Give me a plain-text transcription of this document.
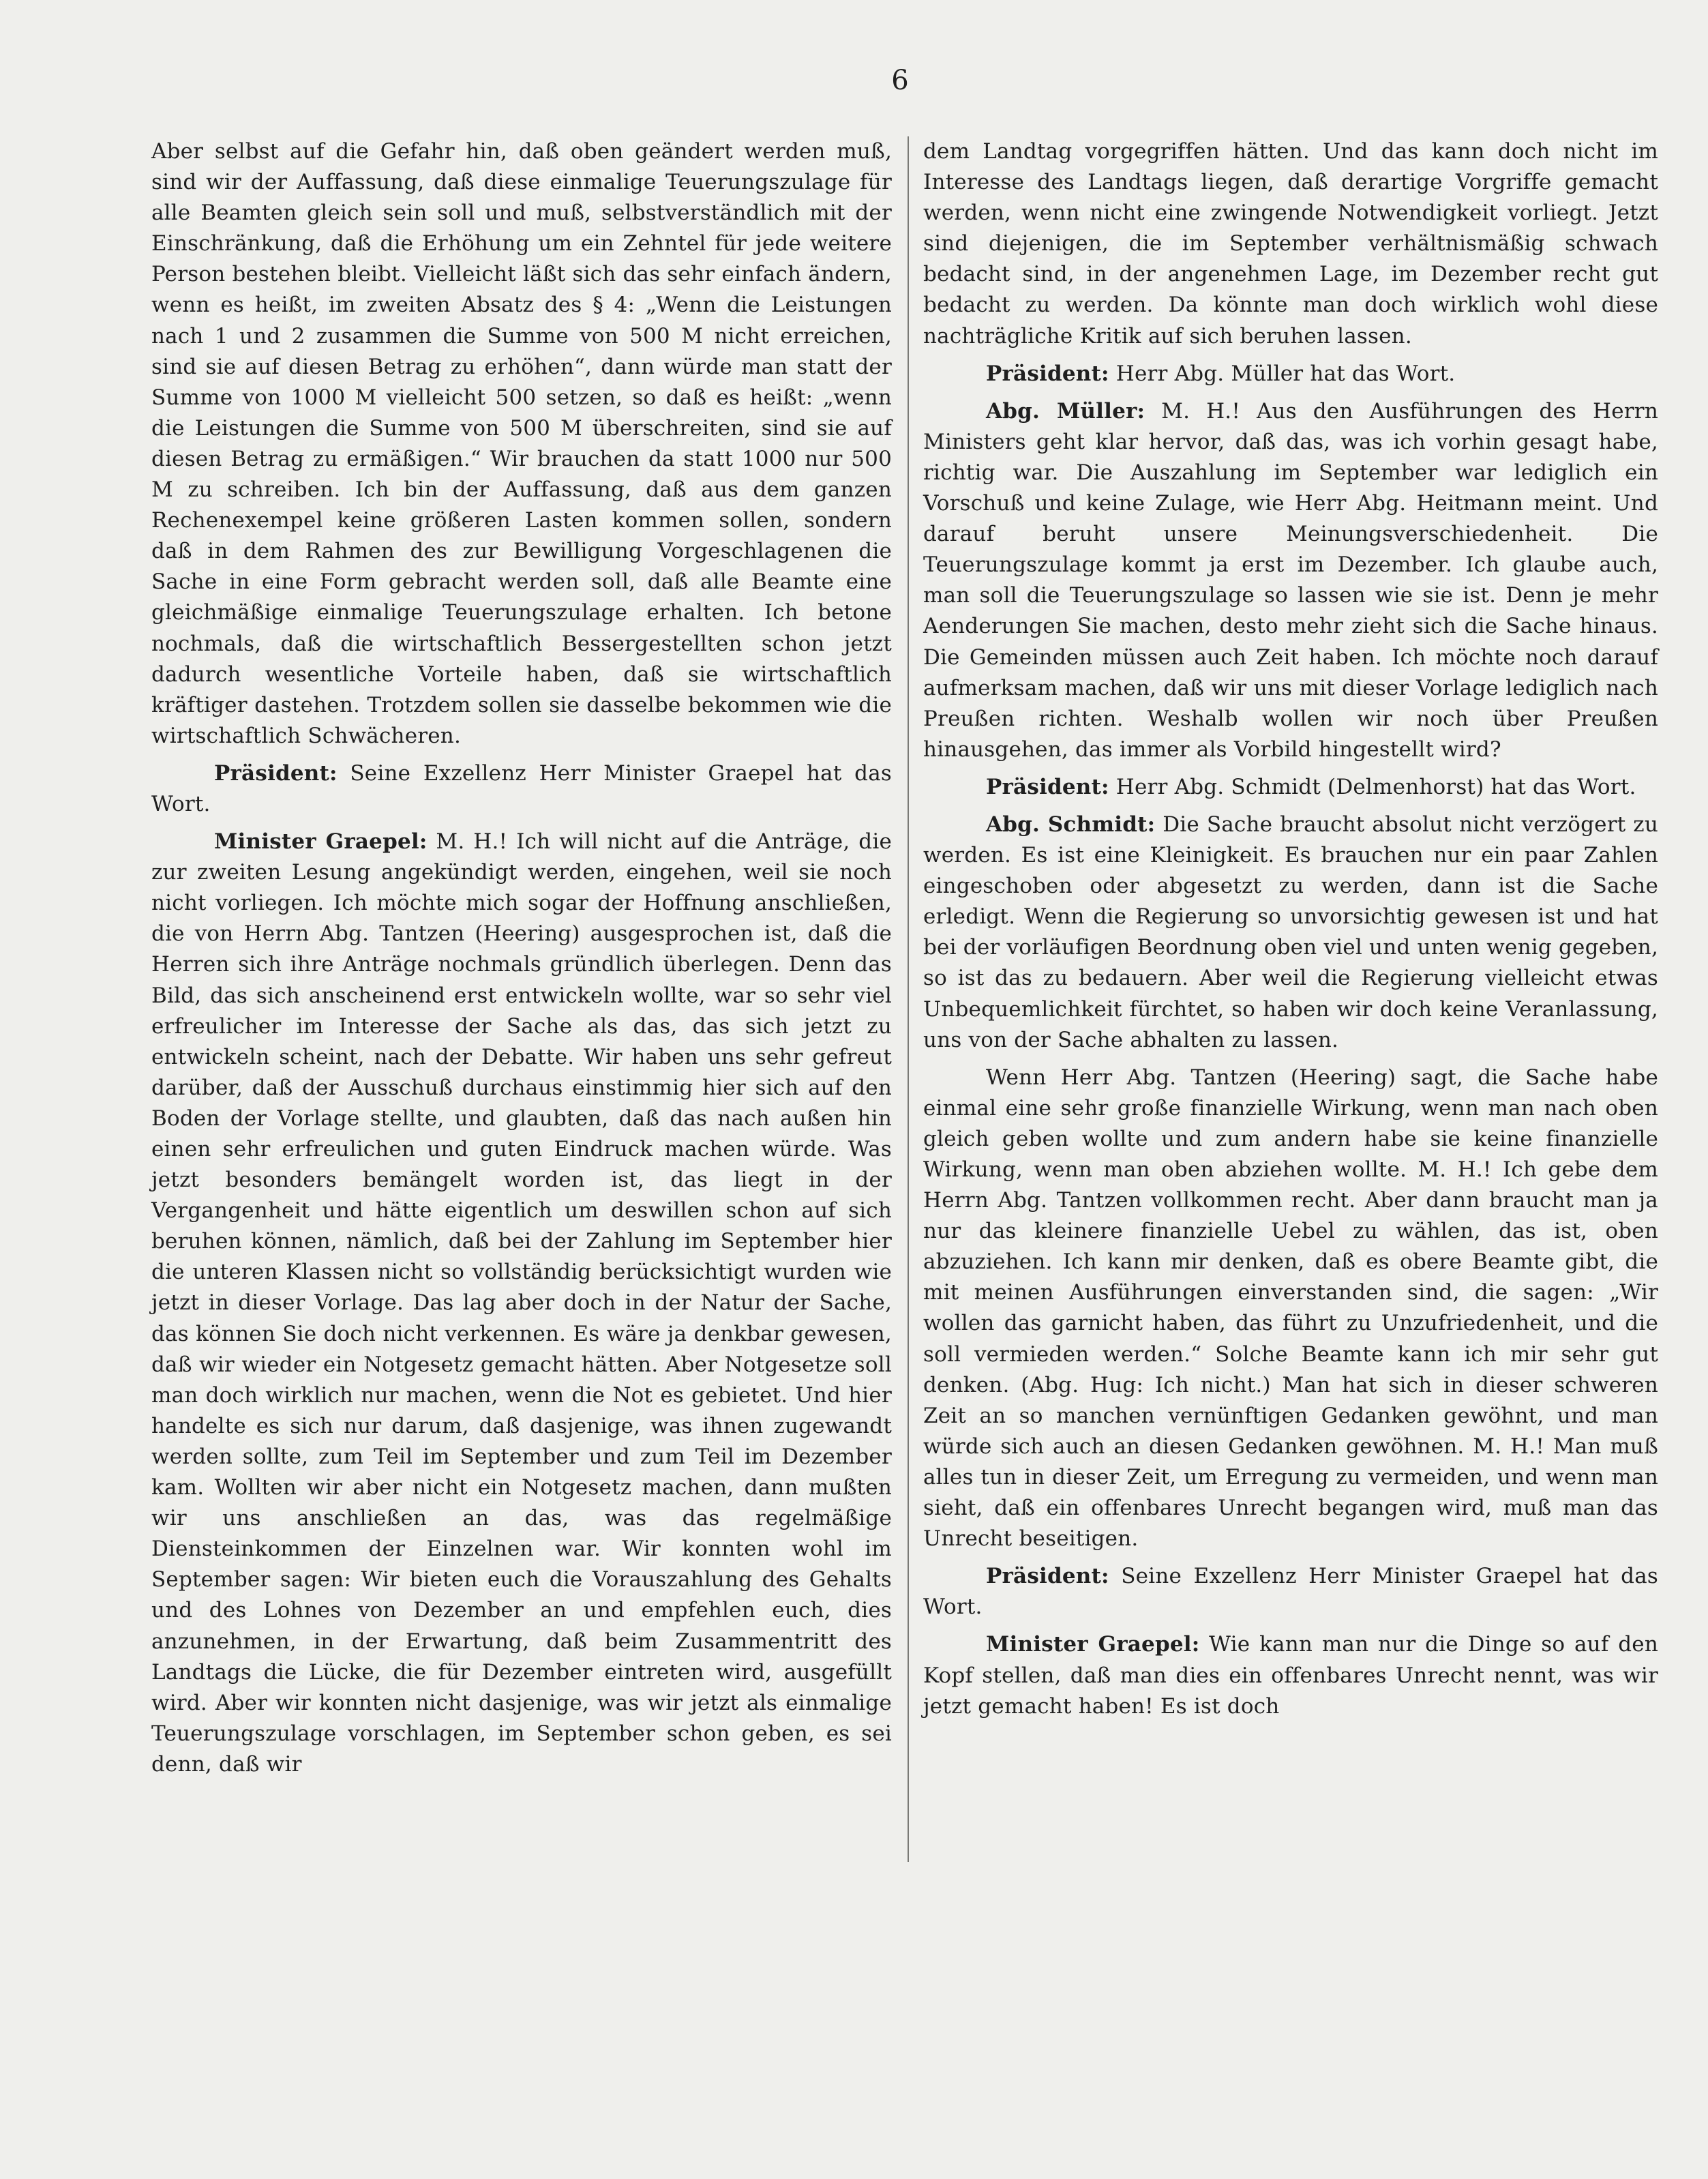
6

Aber selbst auf die Gefahr hin, daß oben geändert werden muß, sind wir der Auffassung, daß diese einmalige Teuerungszulage für alle Beamten gleich sein soll und muß, selbstverständlich mit der Einschränkung, daß die Erhöhung um ein Zehntel für jede weitere Person bestehen bleibt. Vielleicht läßt sich das sehr einfach ändern, wenn es heißt, im zweiten Absatz des § 4: „Wenn die Leistungen nach 1 und 2 zusammen die Summe von 500 M nicht erreichen, sind sie auf diesen Betrag zu erhöhen“, dann würde man statt der Summe von 1000 M vielleicht 500 setzen, so daß es heißt: „wenn die Leistungen die Summe von 500 M überschreiten, sind sie auf diesen Betrag zu ermäßigen.“ Wir brauchen da statt 1000 nur 500 M zu schreiben. Ich bin der Auffassung, daß aus dem ganzen Rechenexempel keine größeren Lasten kommen sollen, sondern daß in dem Rahmen des zur Bewilligung Vorgeschlagenen die Sache in eine Form gebracht werden soll, daß alle Beamte eine gleichmäßige einmalige Teuerungszulage erhalten. Ich betone nochmals, daß die wirtschaftlich Bessergestellten schon jetzt dadurch wesentliche Vorteile haben, daß sie wirtschaftlich kräftiger dastehen. Trotzdem sollen sie dasselbe bekommen wie die wirtschaftlich Schwächeren.

Präsident: Seine Exzellenz Herr Minister Graepel hat das Wort.

Minister Graepel: M. H.! Ich will nicht auf die Anträge, die zur zweiten Lesung angekündigt werden, eingehen, weil sie noch nicht vorliegen. Ich möchte mich sogar der Hoffnung anschließen, die von Herrn Abg. Tantzen (Heering) ausgesprochen ist, daß die Herren sich ihre Anträge nochmals gründlich überlegen. Denn das Bild, das sich anscheinend erst entwickeln wollte, war so sehr viel erfreulicher im Interesse der Sache als das, das sich jetzt zu entwickeln scheint, nach der Debatte. Wir haben uns sehr gefreut darüber, daß der Ausschuß durchaus einstimmig hier sich auf den Boden der Vorlage stellte, und glaubten, daß das nach außen hin einen sehr erfreulichen und guten Eindruck machen würde. Was jetzt besonders bemängelt worden ist, das liegt in der Vergangenheit und hätte eigentlich um deswillen schon auf sich beruhen können, nämlich, daß bei der Zahlung im September hier die unteren Klassen nicht so vollständig berücksichtigt wurden wie jetzt in dieser Vorlage. Das lag aber doch in der Natur der Sache, das können Sie doch nicht verkennen. Es wäre ja denkbar gewesen, daß wir wieder ein Notgesetz gemacht hätten. Aber Notgesetze soll man doch wirklich nur machen, wenn die Not es gebietet. Und hier handelte es sich nur darum, daß dasjenige, was ihnen zugewandt werden sollte, zum Teil im September und zum Teil im Dezember kam. Wollten wir aber nicht ein Notgesetz machen, dann mußten wir uns anschließen an das, was das regelmäßige Diensteinkommen der Einzelnen war. Wir konnten wohl im September sagen: Wir bieten euch die Vorauszahlung des Gehalts und des Lohnes von Dezember an und empfehlen euch, dies anzunehmen, in der Erwartung, daß beim Zusammentritt des Landtags die Lücke, die für Dezember eintreten wird, ausgefüllt wird. Aber wir konnten nicht dasjenige, was wir jetzt als einmalige Teuerungszulage vorschlagen, im September schon geben, es sei denn, daß wir

dem Landtag vorgegriffen hätten. Und das kann doch nicht im Interesse des Landtags liegen, daß derartige Vorgriffe gemacht werden, wenn nicht eine zwingende Notwendigkeit vorliegt. Jetzt sind diejenigen, die im September verhältnismäßig schwach bedacht sind, in der angenehmen Lage, im Dezember recht gut bedacht zu werden. Da könnte man doch wirklich wohl diese nachträgliche Kritik auf sich beruhen lassen.

Präsident: Herr Abg. Müller hat das Wort.

Abg. Müller: M. H.! Aus den Ausführungen des Herrn Ministers geht klar hervor, daß das, was ich vorhin gesagt habe, richtig war. Die Auszahlung im September war lediglich ein Vorschuß und keine Zulage, wie Herr Abg. Heitmann meint. Und darauf beruht unsere Meinungsverschiedenheit. Die Teuerungszulage kommt ja erst im Dezember. Ich glaube auch, man soll die Teuerungszulage so lassen wie sie ist. Denn je mehr Aenderungen Sie machen, desto mehr zieht sich die Sache hinaus. Die Gemeinden müssen auch Zeit haben. Ich möchte noch darauf aufmerksam machen, daß wir uns mit dieser Vorlage lediglich nach Preußen richten. Weshalb wollen wir noch über Preußen hinausgehen, das immer als Vorbild hingestellt wird?

Präsident: Herr Abg. Schmidt (Delmenhorst) hat das Wort.

Abg. Schmidt: Die Sache braucht absolut nicht verzögert zu werden. Es ist eine Kleinigkeit. Es brauchen nur ein paar Zahlen eingeschoben oder abgesetzt zu werden, dann ist die Sache erledigt. Wenn die Regierung so unvorsichtig gewesen ist und hat bei der vorläufigen Beordnung oben viel und unten wenig gegeben, so ist das zu bedauern. Aber weil die Regierung vielleicht etwas Unbequemlichkeit fürchtet, so haben wir doch keine Veranlassung, uns von der Sache abhalten zu lassen.

Wenn Herr Abg. Tantzen (Heering) sagt, die Sache habe einmal eine sehr große finanzielle Wirkung, wenn man nach oben gleich geben wollte und zum andern habe sie keine finanzielle Wirkung, wenn man oben abziehen wollte. M. H.! Ich gebe dem Herrn Abg. Tantzen vollkommen recht. Aber dann braucht man ja nur das kleinere finanzielle Uebel zu wählen, das ist, oben abzuziehen. Ich kann mir denken, daß es obere Beamte gibt, die mit meinen Ausführungen einverstanden sind, die sagen: „Wir wollen das garnicht haben, das führt zu Unzufriedenheit, und die soll vermieden werden.“ Solche Beamte kann ich mir sehr gut denken. (Abg. Hug: Ich nicht.) Man hat sich in dieser schweren Zeit an so manchen vernünftigen Gedanken gewöhnt, und man würde sich auch an diesen Gedanken gewöhnen. M. H.! Man muß alles tun in dieser Zeit, um Erregung zu vermeiden, und wenn man sieht, daß ein offenbares Unrecht begangen wird, muß man das Unrecht beseitigen.

Präsident: Seine Exzellenz Herr Minister Graepel hat das Wort.

Minister Graepel: Wie kann man nur die Dinge so auf den Kopf stellen, daß man dies ein offenbares Unrecht nennt, was wir jetzt gemacht haben! Es ist doch
